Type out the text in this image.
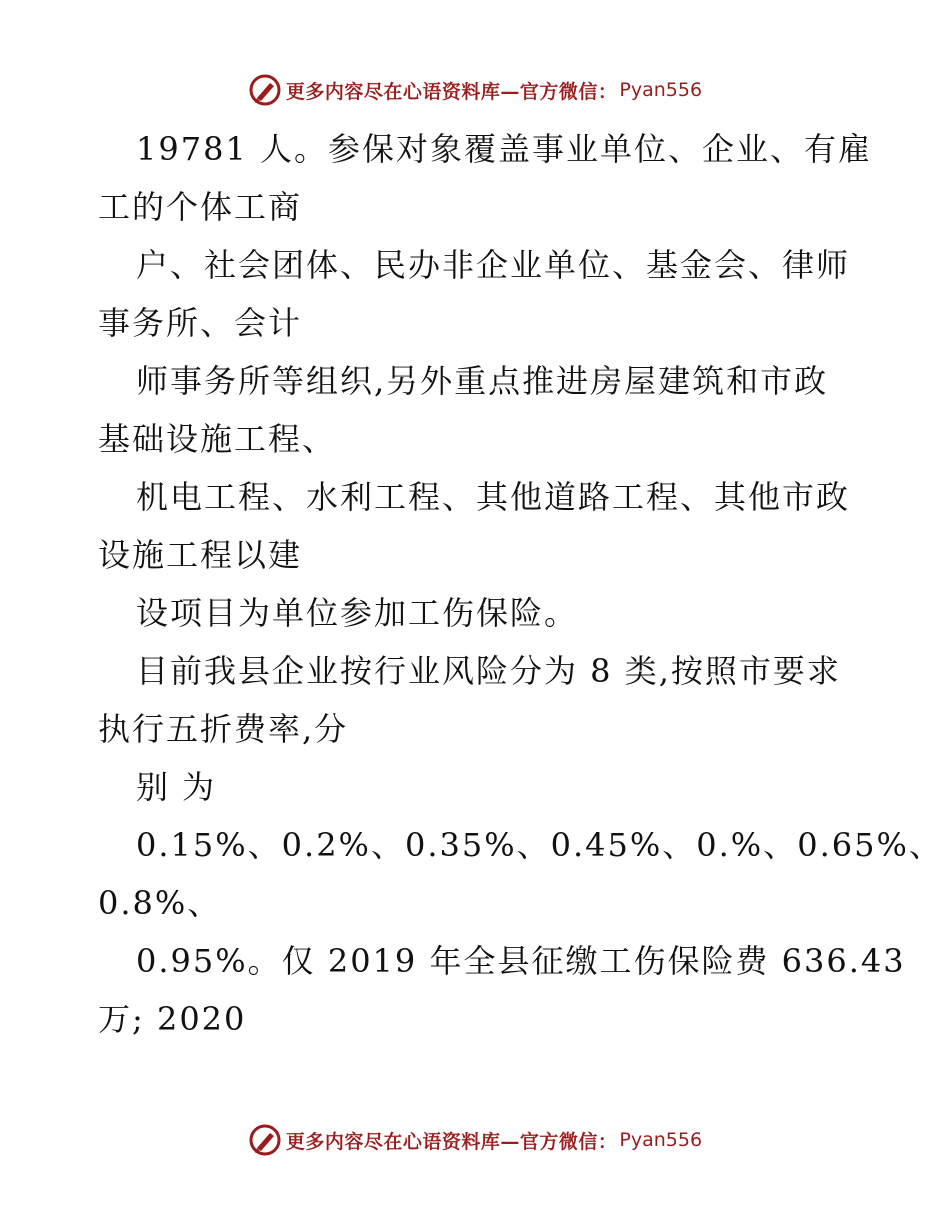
更多内容尽在心语资料库—官方微信： Pyan556
19781 人。参保对象覆盖事业单位、企业、有雇
工的个体工商
户、社会团体、民办非企业单位、基金会、律师
事务所、会计
师事务所等组织,另外重点推进房屋建筑和市政
基础设施工程、
机电工程、水利工程、其他道路工程、其他市政
设施工程以建
设项目为单位参加工伤保险。
目前我县企业按行业风险分为 8 类,按照市要求
执行五折费率,分
别 为
0.15%、0.2%、0.35%、0.45%、0.%、0.65%、
0.8%、
0.95%。仅 2019 年全县征缴工伤保险费 636.43
万; 2020
更多内容尽在心语资料库—官方微信： Pyan556
